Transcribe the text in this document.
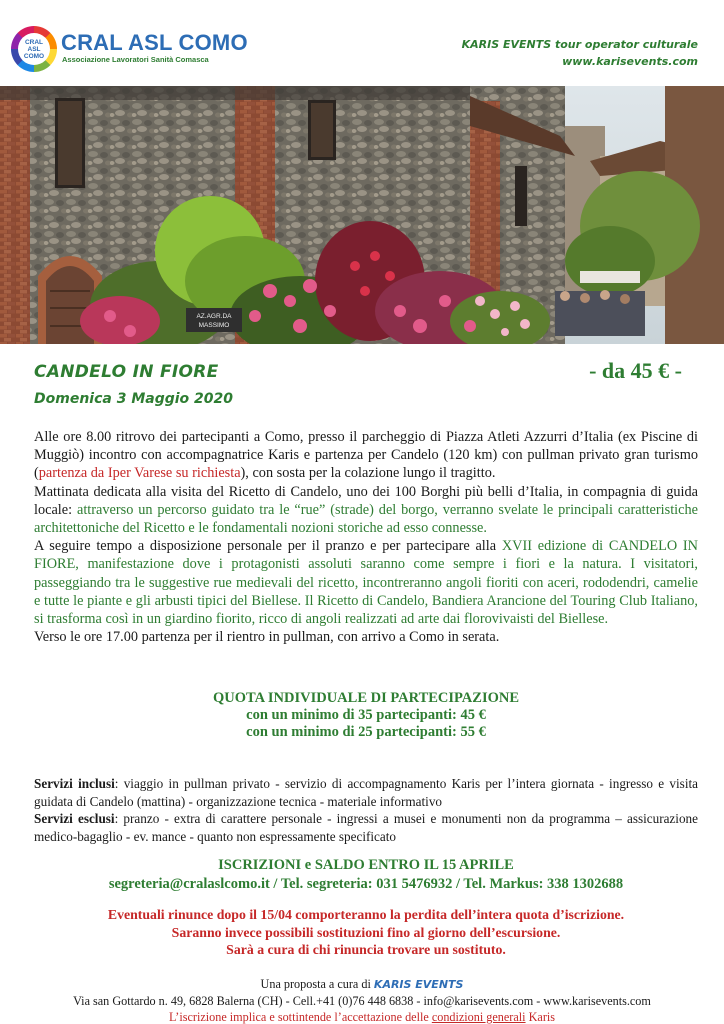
CRAL
ASL
COMO
CRAL ASL COMO
Associazione Lavoratori Sanità Comasca
KARIS EVENTS tour operator culturale
www.karisevents.com
AZ.AGR.DA
MASSIMO
CANDELO IN FIORE	- da 45 € -
Domenica 3 Maggio 2020

Alle ore 8.00 ritrovo dei partecipanti a Como, presso il parcheggio di Piazza Atleti Azzurri d’Italia (ex Piscine di Muggiò) incontro con accompagnatrice Karis e partenza per Candelo (120 km) con pullman privato gran turismo (partenza da Iper Varese su richiesta), con sosta per la colazione lungo il tragitto.

Mattinata dedicata alla visita del Ricetto di Candelo, uno dei 100 Borghi più belli d’Italia, in compagnia di guida locale: attraverso un percorso guidato tra le “rue” (strade) del borgo, verranno svelate le principali caratteristiche architettoniche del Ricetto e le fondamentali nozioni storiche ad esso connesse.

A seguire tempo a disposizione personale per il pranzo e per partecipare alla XVII edizione di CANDELO IN FIORE, manifestazione dove i protagonisti assoluti saranno come sempre i fiori e la natura. I visitatori, passeggiando tra le suggestive rue medievali del ricetto, incontreranno angoli fioriti con aceri, rododendri, camelie e tutte le piante e gli arbusti tipici del Biellese. Il Ricetto di Candelo, Bandiera Arancione del Touring Club Italiano, si trasforma così in un giardino fiorito, ricco di angoli realizzati ad arte dai florovivaisti del Biellese.

Verso le ore 17.00 partenza per il rientro in pullman, con arrivo a Como in serata.

QUOTA INDIVIDUALE DI PARTECIPAZIONE
con un minimo di 35 partecipanti: 45 €
con un minimo di 25 partecipanti: 55 €
Servizi inclusi: viaggio in pullman privato - servizio di accompagnamento Karis per l’intera giornata - ingresso e visita guidata di Candelo (mattina) - organizzazione tecnica - materiale informativo
Servizi esclusi: pranzo - extra di carattere personale - ingressi a musei e monumenti non da programma – assicurazione medico-bagaglio - ev. mance - quanto non espressamente specificato
ISCRIZIONI e SALDO ENTRO IL 15 APRILE
segreteria@cralaslcomo.it / Tel. segreteria: 031 5476932 / Tel. Markus: 338 1302688
Eventuali rinunce dopo il 15/04 comporteranno la perdita dell’intera quota d’iscrizione.
Saranno invece possibili sostituzioni fino al giorno dell’escursione.
Sarà a cura di chi rinuncia trovare un sostituto.
Una proposta a cura di KARIS EVENTS
Via san Gottardo n. 49, 6828 Balerna (CH) - Cell.+41 (0)76 448 6838 - info@karisevents.com - www.karisevents.com
L’iscrizione implica e sottintende l’accettazione delle condizioni generali Karis
